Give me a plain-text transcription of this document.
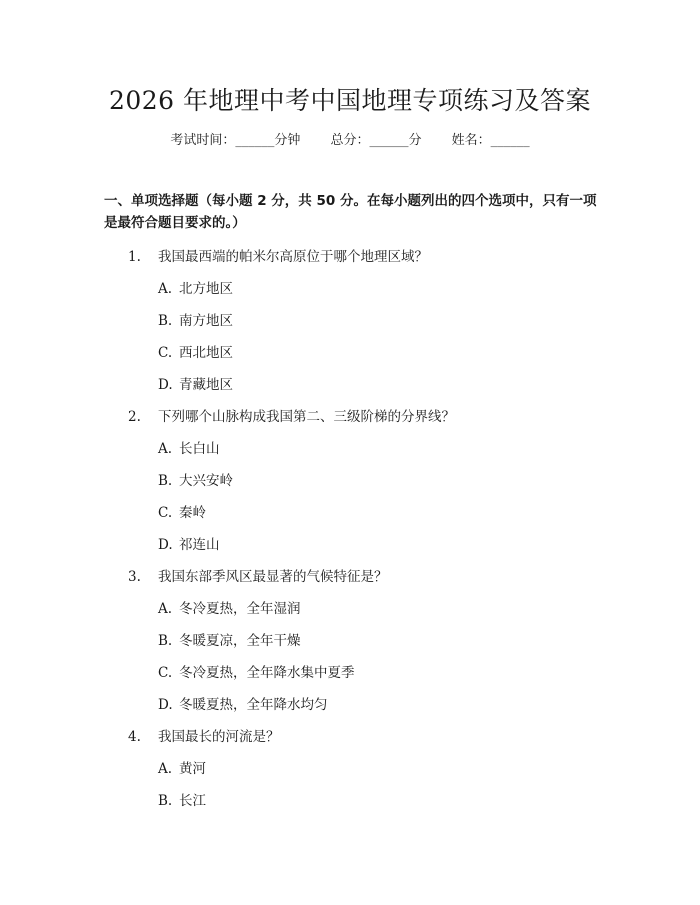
2026 年地理中考中国地理专项练习及答案
考试时间：______分钟 总分：______分 姓名：______
一、单项选择题（每小题 2 分，共 50 分。在每小题列出的四个选项中，只有一项
是最符合题目要求的。）
1. 我国最西端的帕米尔高原位于哪个地理区域？
A. 北方地区
B. 南方地区
C. 西北地区
D. 青藏地区
2. 下列哪个山脉构成我国第二、三级阶梯的分界线？
A. 长白山
B. 大兴安岭
C. 秦岭
D. 祁连山
3. 我国东部季风区最显著的气候特征是？
A. 冬冷夏热，全年湿润
B. 冬暖夏凉，全年干燥
C. 冬冷夏热，全年降水集中夏季
D. 冬暖夏热，全年降水均匀
4. 我国最长的河流是？
A. 黄河
B. 长江
